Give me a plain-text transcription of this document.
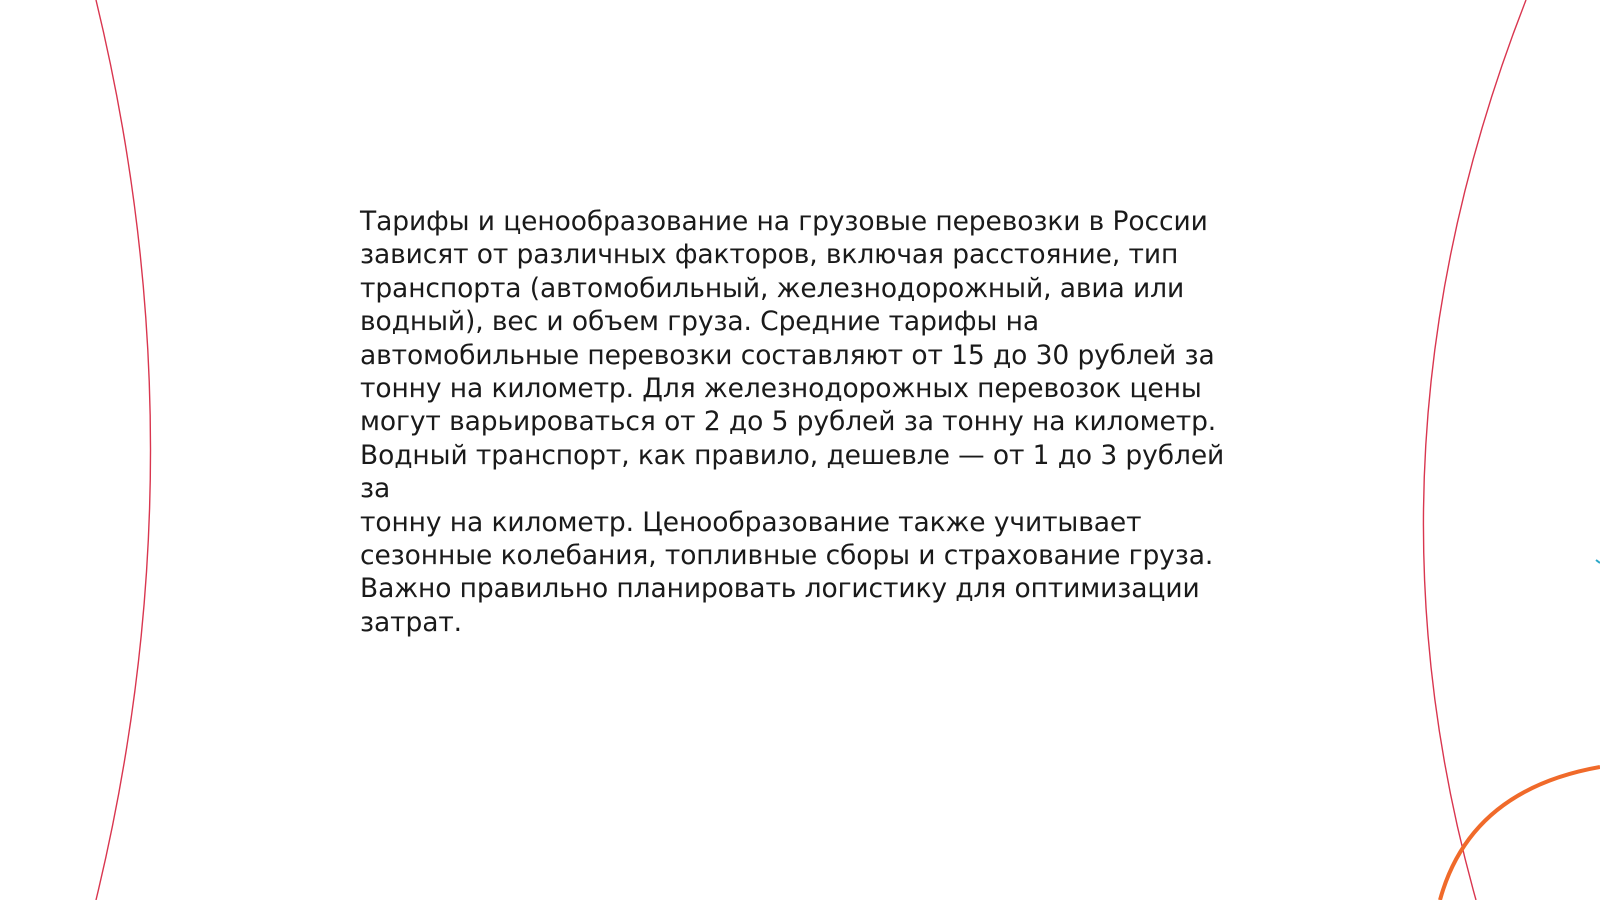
Тарифы и ценообразование на грузовые перевозки в России
зависят от различных факторов, включая расстояние, тип
транспорта (автомобильный, железнодорожный, авиа или
водный), вес и объем груза. Средние тарифы на
автомобильные перевозки составляют от 15 до 30 рублей за
тонну на километр. Для железнодорожных перевозок цены
могут варьироваться от 2 до 5 рублей за тонну на километр.
Водный транспорт, как правило, дешевле — от 1 до 3 рублей за
тонну на километр. Ценообразование также учитывает
сезонные колебания, топливные сборы и страхование груза.
Важно правильно планировать логистику для оптимизации
затрат.
